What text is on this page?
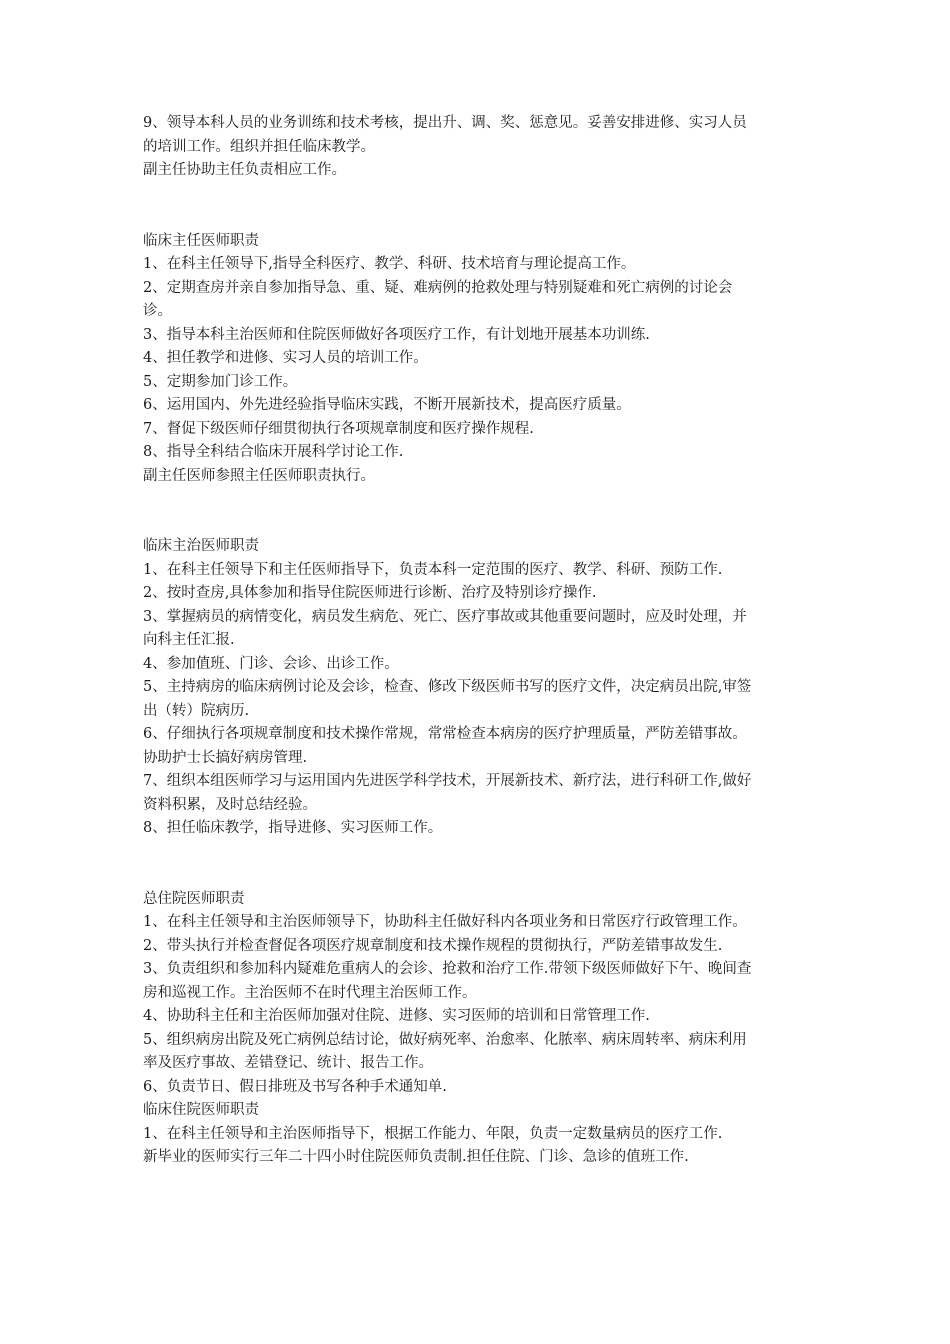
9、领导本科人员的业务训练和技术考核，提出升、调、奖、惩意见。妥善安排进修、实习人员
的培训工作。组织并担任临床教学。
副主任协助主任负责相应工作。
临床主任医师职责
1、在科主任领导下,指导全科医疗、教学、科研、技术培育与理论提高工作。
2、定期查房并亲自参加指导急、重、疑、难病例的抢救处理与特别疑难和死亡病例的讨论会
诊。
3、指导本科主治医师和住院医师做好各项医疗工作，有计划地开展基本功训练.
4、担任教学和进修、实习人员的培训工作。
5、定期参加门诊工作。
6、运用国内、外先进经验指导临床实践，不断开展新技术，提高医疗质量。
7、督促下级医师仔细贯彻执行各项规章制度和医疗操作规程.
8、指导全科结合临床开展科学讨论工作.
副主任医师参照主任医师职责执行。
临床主治医师职责
1、在科主任领导下和主任医师指导下，负责本科一定范围的医疗、教学、科研、预防工作.
2、按时查房,具体参加和指导住院医师进行诊断、治疗及特别诊疗操作.
3、掌握病员的病情变化，病员发生病危、死亡、医疗事故或其他重要问题时，应及时处理，并
向科主任汇报.
4、参加值班、门诊、会诊、出诊工作。
5、主持病房的临床病例讨论及会诊，检查、修改下级医师书写的医疗文件，决定病员出院,审签
出（转）院病历.
6、仔细执行各项规章制度和技术操作常规，常常检查本病房的医疗护理质量，严防差错事故。
协助护士长搞好病房管理.
7、组织本组医师学习与运用国内先进医学科学技术，开展新技术、新疗法，进行科研工作,做好
资料积累，及时总结经验。
8、担任临床教学，指导进修、实习医师工作。
总住院医师职责
1、在科主任领导和主治医师领导下，协助科主任做好科内各项业务和日常医疗行政管理工作。
2、带头执行并检查督促各项医疗规章制度和技术操作规程的贯彻执行，严防差错事故发生.
3、负责组织和参加科内疑难危重病人的会诊、抢救和治疗工作.带领下级医师做好下午、晚间查
房和巡视工作。主治医师不在时代理主治医师工作。
4、协助科主任和主治医师加强对住院、进修、实习医师的培训和日常管理工作.
5、组织病房出院及死亡病例总结讨论，做好病死率、治愈率、化脓率、病床周转率、病床利用
率及医疗事故、差错登记、统计、报告工作。
6、负责节日、假日排班及书写各种手术通知单.
临床住院医师职责
1、在科主任领导和主治医师指导下，根据工作能力、年限，负责一定数量病员的医疗工作.
新毕业的医师实行三年二十四小时住院医师负责制.担任住院、门诊、急诊的值班工作.
